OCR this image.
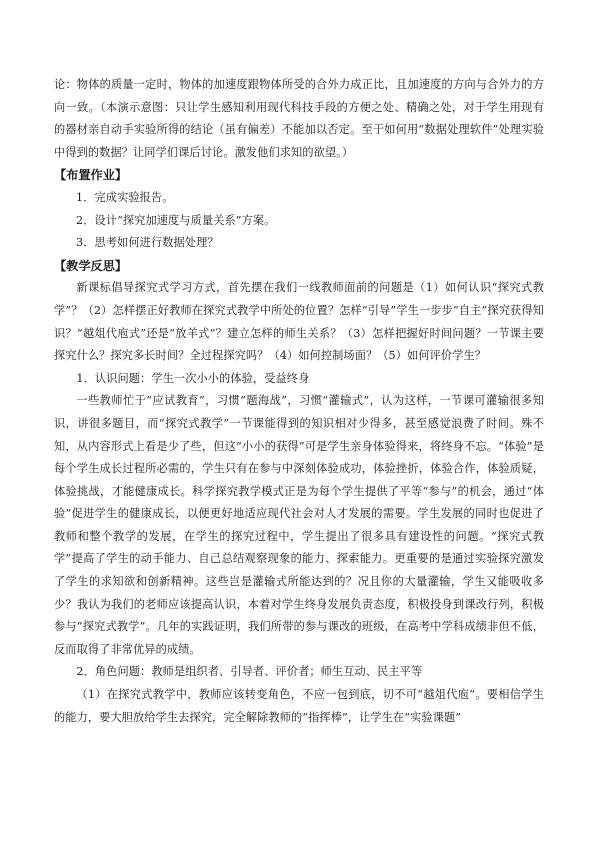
论：物体的质量一定时，物体的加速度跟物体所受的合外力成正比，且加速度的方向与合外力的方向一致。（本演示意图：只让学生感知利用现代科技手段的方便之处、精确之处，对于学生用现有的器材亲自动手实验所得的结论（虽有偏差）不能加以否定。至于如何用“数据处理软件”处理实验中得到的数据？让同学们课后讨论。激发他们求知的欲望。）

【布置作业】

1．完成实验报告。

2．设计“探究加速度与质量关系”方案。

3．思考如何进行数据处理？

【教学反思】

新课标倡导探究式学习方式，首先摆在我们一线教师面前的问题是（1）如何认识“探究式教学”？（2）怎样摆正好教师在探究式教学中所处的位置？怎样“引导”学生一步步“自主”探究获得知识？“越俎代庖式”还是“放羊式”？建立怎样的师生关系？（3）怎样把握好时间问题？一节课主要探究什么？探究多长时间？全过程探究吗？（4）如何控制场面？（5）如何评价学生？

1．认识问题：学生一次小小的体验，受益终身

一些教师忙于“应试教育”，习惯“题海战”，习惯“灌输式”，认为这样，一节课可灌输很多知识，讲很多题目，而“探究式教学”一节课能得到的知识相对少得多，甚至感觉浪费了时间。殊不知，从内容形式上看是少了些，但这“小小的获得”可是学生亲身体验得来，将终身不忘。“体验”是每个学生成长过程所必需的，学生只有在参与中深刻体验成功，体验挫折，体验合作，体验质疑，体验挑战，才能健康成长。科学探究教学模式正是为每个学生提供了平等“参与”的机会，通过“体验”促进学生的健康成长，以便更好地适应现代社会对人才发展的需要。学生发展的同时也促进了教师和整个教学的发展，在学生的探究过程中，学生提出了很多具有建设性的问题。“探究式教学”提高了学生的动手能力、自己总结观察现象的能力、探索能力。更重要的是通过实验探究激发了学生的求知欲和创新精神。这些岂是灌输式所能达到的？况且你的大量灌输，学生又能吸收多少？我认为我们的老师应该提高认识，本着对学生终身发展负责态度，积极投身到课改行列，积极参与“探究式教学”。几年的实践证明，我们所带的参与课改的班级，在高考中学科成绩非但不低，反而取得了非常优异的成绩。

2．角色问题：教师是组织者、引导者、评价者；师生互动、民主平等

（1）在探究式教学中，教师应该转变角色，不应一包到底，切不可“越俎代庖”。要相信学生的能力，要大胆放给学生去探究，完全解除教师的“指挥棒”，让学生在“实验课题”
